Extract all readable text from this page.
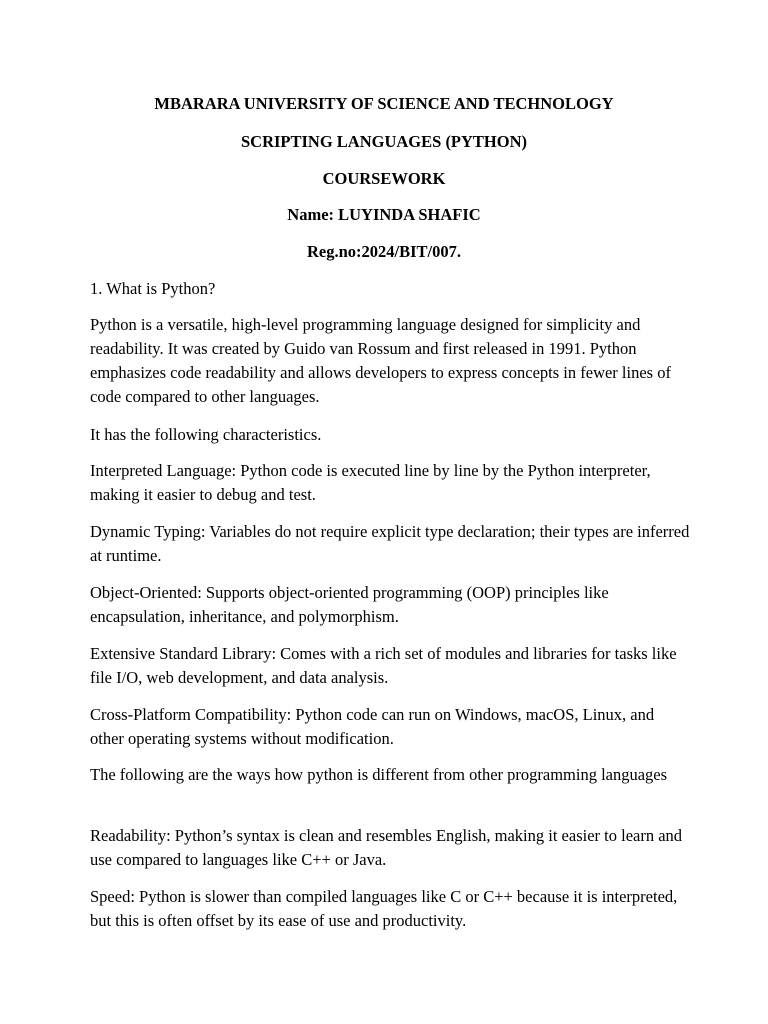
MBARARA UNIVERSITY OF SCIENCE AND TECHNOLOGY
SCRIPTING LANGUAGES (PYTHON)
COURSEWORK
Name: LUYINDA SHAFIC
Reg.no:2024/BIT/007.

1. What is Python?

Python is a versatile, high-level programming language designed for simplicity and readability. It was created by Guido van Rossum and first released in 1991. Python emphasizes code readability and allows developers to express concepts in fewer lines of code compared to other languages.

It has the following characteristics.

Interpreted Language: Python code is executed line by line by the Python interpreter, making it easier to debug and test.

Dynamic Typing: Variables do not require explicit type declaration; their types are inferred at runtime.

Object-Oriented: Supports object-oriented programming (OOP) principles like encapsulation, inheritance, and polymorphism.

Extensive Standard Library: Comes with a rich set of modules and libraries for tasks like file I/O, web development, and data analysis.

Cross-Platform Compatibility: Python code can run on Windows, macOS, Linux, and other operating systems without modification.

The following are the ways how python is different from other programming languages

Readability: Python’s syntax is clean and resembles English, making it easier to learn and use compared to languages like C++ or Java.

Speed: Python is slower than compiled languages like C or C++ because it is interpreted, but this is often offset by its ease of use and productivity.
